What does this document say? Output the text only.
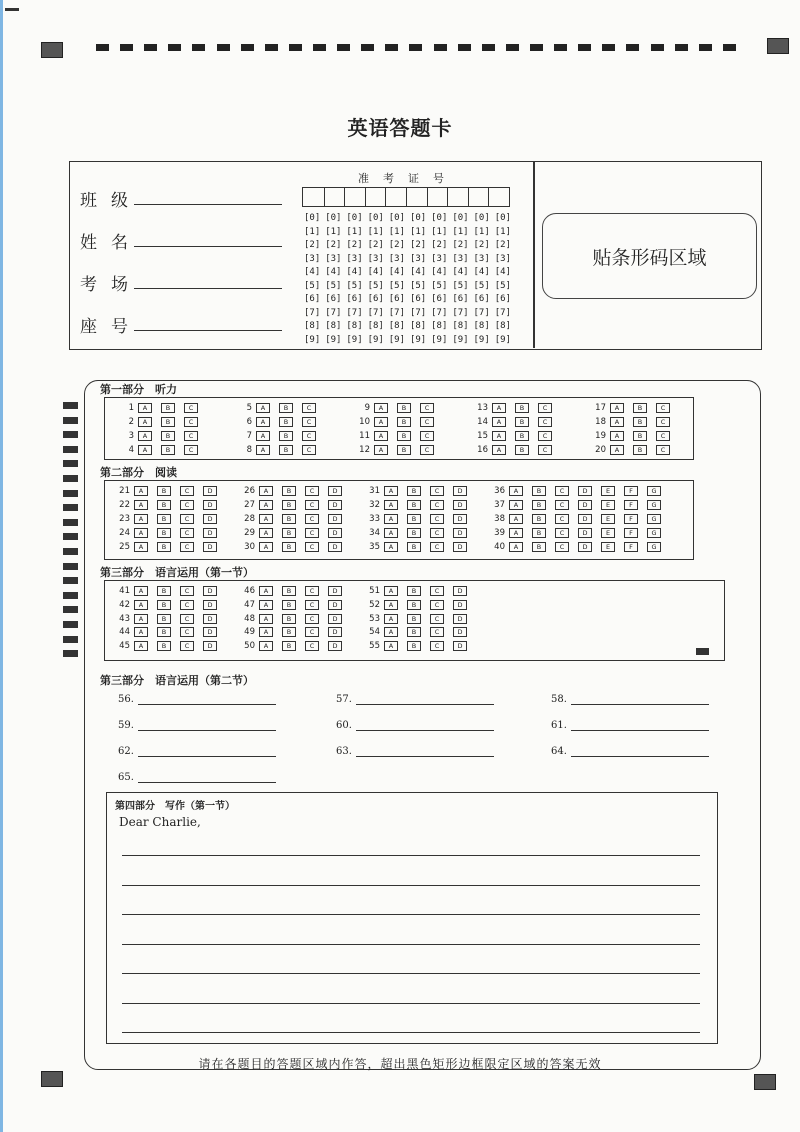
英语答题卡
班级
姓名
考场
座号
准考证号
[0] [0] [0] [0] [0] [0] [0] [0] [0] [0]
[1] [1] [1] [1] [1] [1] [1] [1] [1] [1]
[2] [2] [2] [2] [2] [2] [2] [2] [2] [2]
[3] [3] [3] [3] [3] [3] [3] [3] [3] [3]
[4] [4] [4] [4] [4] [4] [4] [4] [4] [4]
[5] [5] [5] [5] [5] [5] [5] [5] [5] [5]
[6] [6] [6] [6] [6] [6] [6] [6] [6] [6]
[7] [7] [7] [7] [7] [7] [7] [7] [7] [7]
[8] [8] [8] [8] [8] [8] [8] [8] [8] [8]
[9] [9] [9] [9] [9] [9] [9] [9] [9] [9]
贴条形码区域
第一部分　听力
第二部分　阅读
第三部分　语言运用（第一节）
1	A	B	C
2	A	B	C
3	A	B	C
4	A	B	C
5	A	B	C
6	A	B	C
7	A	B	C
8	A	B	C
9	A	B	C
10	A	B	C
11	A	B	C
12	A	B	C
13	A	B	C
14	A	B	C
15	A	B	C
16	A	B	C
17	A	B	C
18	A	B	C
19	A	B	C
20	A	B	C
21	A	B	C	D
22	A	B	C	D
23	A	B	C	D
24	A	B	C	D
25	A	B	C	D
26	A	B	C	D
27	A	B	C	D
28	A	B	C	D
29	A	B	C	D
30	A	B	C	D
31	A	B	C	D
32	A	B	C	D
33	A	B	C	D
34	A	B	C	D
35	A	B	C	D
36	A	B	C	D	E	F	G
37	A	B	C	D	E	F	G
38	A	B	C	D	E	F	G
39	A	B	C	D	E	F	G
40	A	B	C	D	E	F	G
41	A	B	C	D
42	A	B	C	D
43	A	B	C	D
44	A	B	C	D
45	A	B	C	D
46	A	B	C	D
47	A	B	C	D
48	A	B	C	D
49	A	B	C	D
50	A	B	C	D
51	A	B	C	D
52	A	B	C	D
53	A	B	C	D
54	A	B	C	D
55	A	B	C	D
第三部分　语言运用（第二节）
56.	57.	58.
59.	60.	61.
62.	63.	64.
65.
第四部分　写作（第一节）
Dear Charlie,
请在各题目的答题区域内作答，超出黑色矩形边框限定区域的答案无效
